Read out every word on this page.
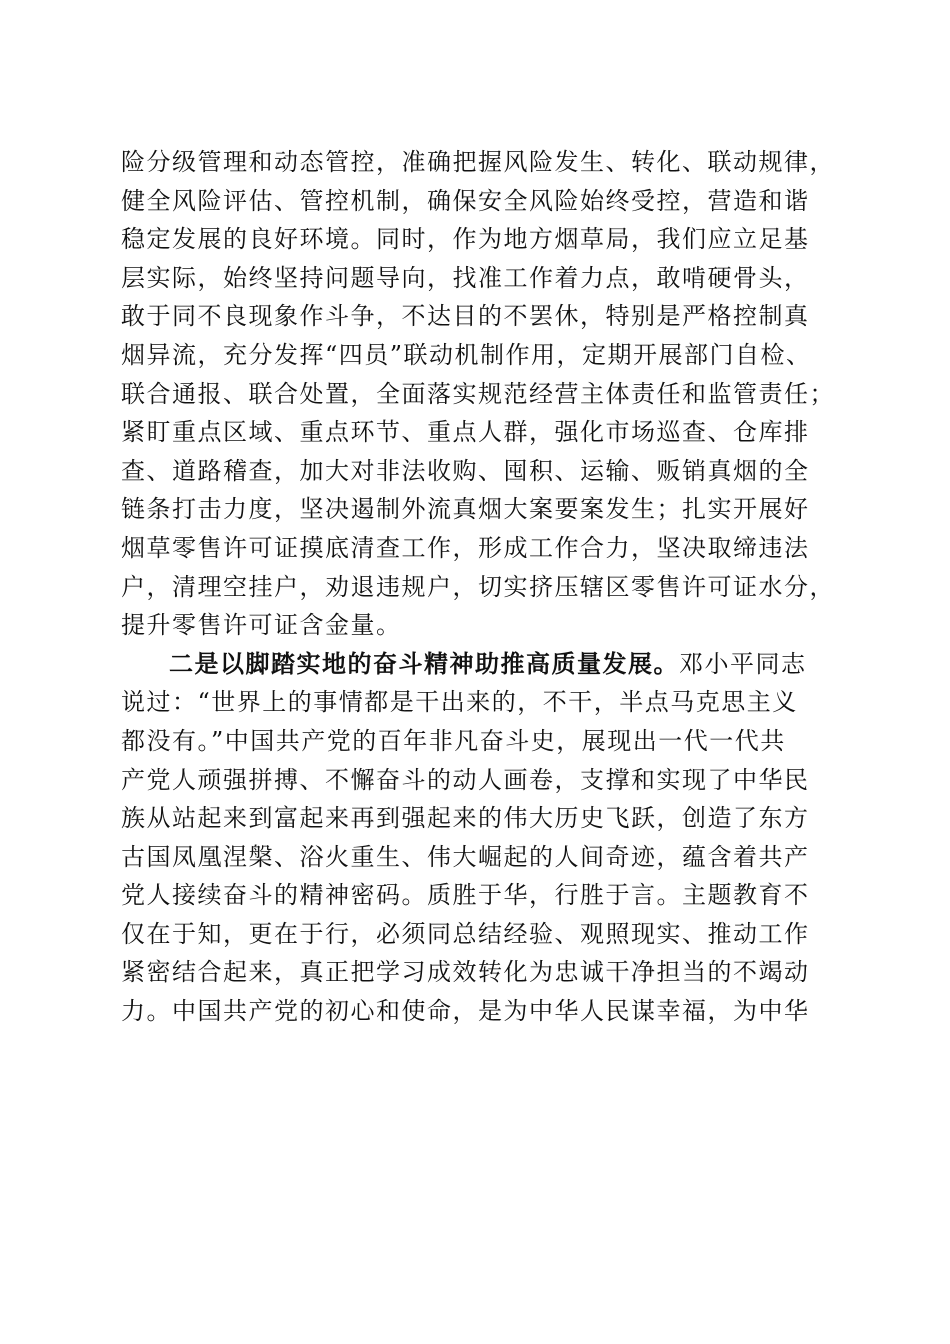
险分级管理和动态管控，准确把握风险发生、转化、联动规律，
健全风险评估、管控机制，确保安全风险始终受控，营造和谐
稳定发展的良好环境。同时，作为地方烟草局，我们应立足基
层实际，始终坚持问题导向，找准工作着力点，敢啃硬骨头，
敢于同不良现象作斗争，不达目的不罢休，特别是严格控制真
烟异流，充分发挥“四员”联动机制作用，定期开展部门自检、
联合通报、联合处置，全面落实规范经营主体责任和监管责任；
紧盯重点区域、重点环节、重点人群，强化市场巡查、仓库排
查、道路稽查，加大对非法收购、囤积、运输、贩销真烟的全
链条打击力度，坚决遏制外流真烟大案要案发生；扎实开展好
烟草零售许可证摸底清查工作，形成工作合力，坚决取缔违法
户，清理空挂户，劝退违规户，切实挤压辖区零售许可证水分，
提升零售许可证含金量。
二是以脚踏实地的奋斗精神助推高质量发展。邓小平同志
说过：“世界上的事情都是干出来的，不干，半点马克思主义
都没有。”中国共产党的百年非凡奋斗史，展现出一代一代共
产党人顽强拼搏、不懈奋斗的动人画卷，支撑和实现了中华民
族从站起来到富起来再到强起来的伟大历史飞跃，创造了东方
古国凤凰涅槃、浴火重生、伟大崛起的人间奇迹，蕴含着共产
党人接续奋斗的精神密码。质胜于华，行胜于言。主题教育不
仅在于知，更在于行，必须同总结经验、观照现实、推动工作
紧密结合起来，真正把学习成效转化为忠诚干净担当的不竭动
力。中国共产党的初心和使命，是为中华人民谋幸福，为中华
